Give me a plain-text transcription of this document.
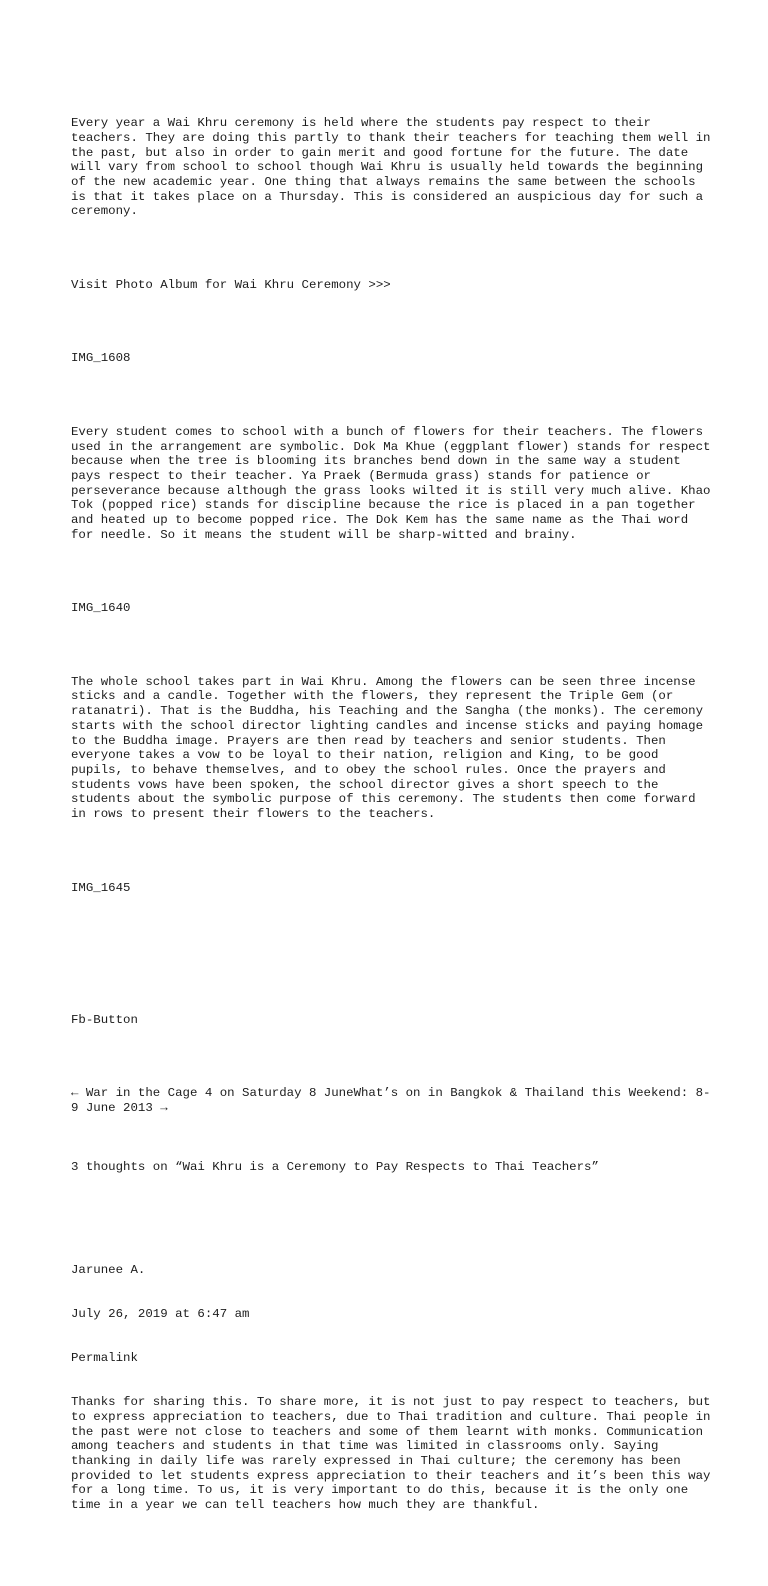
Every year a Wai Khru ceremony is held where the students pay respect to their teachers. They are doing this partly to thank their teachers for teaching them well in the past, but also in order to gain merit and good fortune for the future. The date will vary from school to school though Wai Khru is usually held towards the beginning of the new academic year. One thing that always remains the same between the schools is that it takes place on a Thursday. This is considered an auspicious day for such a ceremony.

Visit Photo Album for Wai Khru Ceremony >>>

IMG_1608

Every student comes to school with a bunch of flowers for their teachers. The flowers used in the arrangement are symbolic. Dok Ma Khue (eggplant flower) stands for respect because when the tree is blooming its branches bend down in the same way a student pays respect to their teacher. Ya Praek (Bermuda grass) stands for patience or perseverance because although the grass looks wilted it is still very much alive. Khao Tok (popped rice) stands for discipline because the rice is placed in a pan together and heated up to become popped rice. The Dok Kem has the same name as the Thai word for needle. So it means the student will be sharp-witted and brainy.

IMG_1640

The whole school takes part in Wai Khru. Among the flowers can be seen three incense sticks and a candle. Together with the flowers, they represent the Triple Gem (or ratanatri). That is the Buddha, his Teaching and the Sangha (the monks). The ceremony starts with the school director lighting candles and incense sticks and paying homage to the Buddha image. Prayers are then read by teachers and senior students. Then everyone takes a vow to be loyal to their nation, religion and King, to be good pupils, to behave themselves, and to obey the school rules. Once the prayers and students vows have been spoken, the school director gives a short speech to the students about the symbolic purpose of this ceremony. The students then come forward in rows to present their flowers to the teachers.

IMG_1645

Fb-Button

← War in the Cage 4 on Saturday 8 JuneWhat’s on in Bangkok & Thailand this Weekend: 8-9 June 2013 →

3 thoughts on “Wai Khru is a Ceremony to Pay Respects to Thai Teachers”

Jarunee A.

July 26, 2019 at 6:47 am

Permalink

Thanks for sharing this. To share more, it is not just to pay respect to teachers, but to express appreciation to teachers, due to Thai tradition and culture. Thai people in the past were not close to teachers and some of them learnt with monks. Communication among teachers and students in that time was limited in classrooms only. Saying thanking in daily life was rarely expressed in Thai culture; the ceremony has been provided to let students express appreciation to their teachers and it’s been this way for a long time. To us, it is very important to do this, because it is the only one time in a year we can tell teachers how much they are thankful.
